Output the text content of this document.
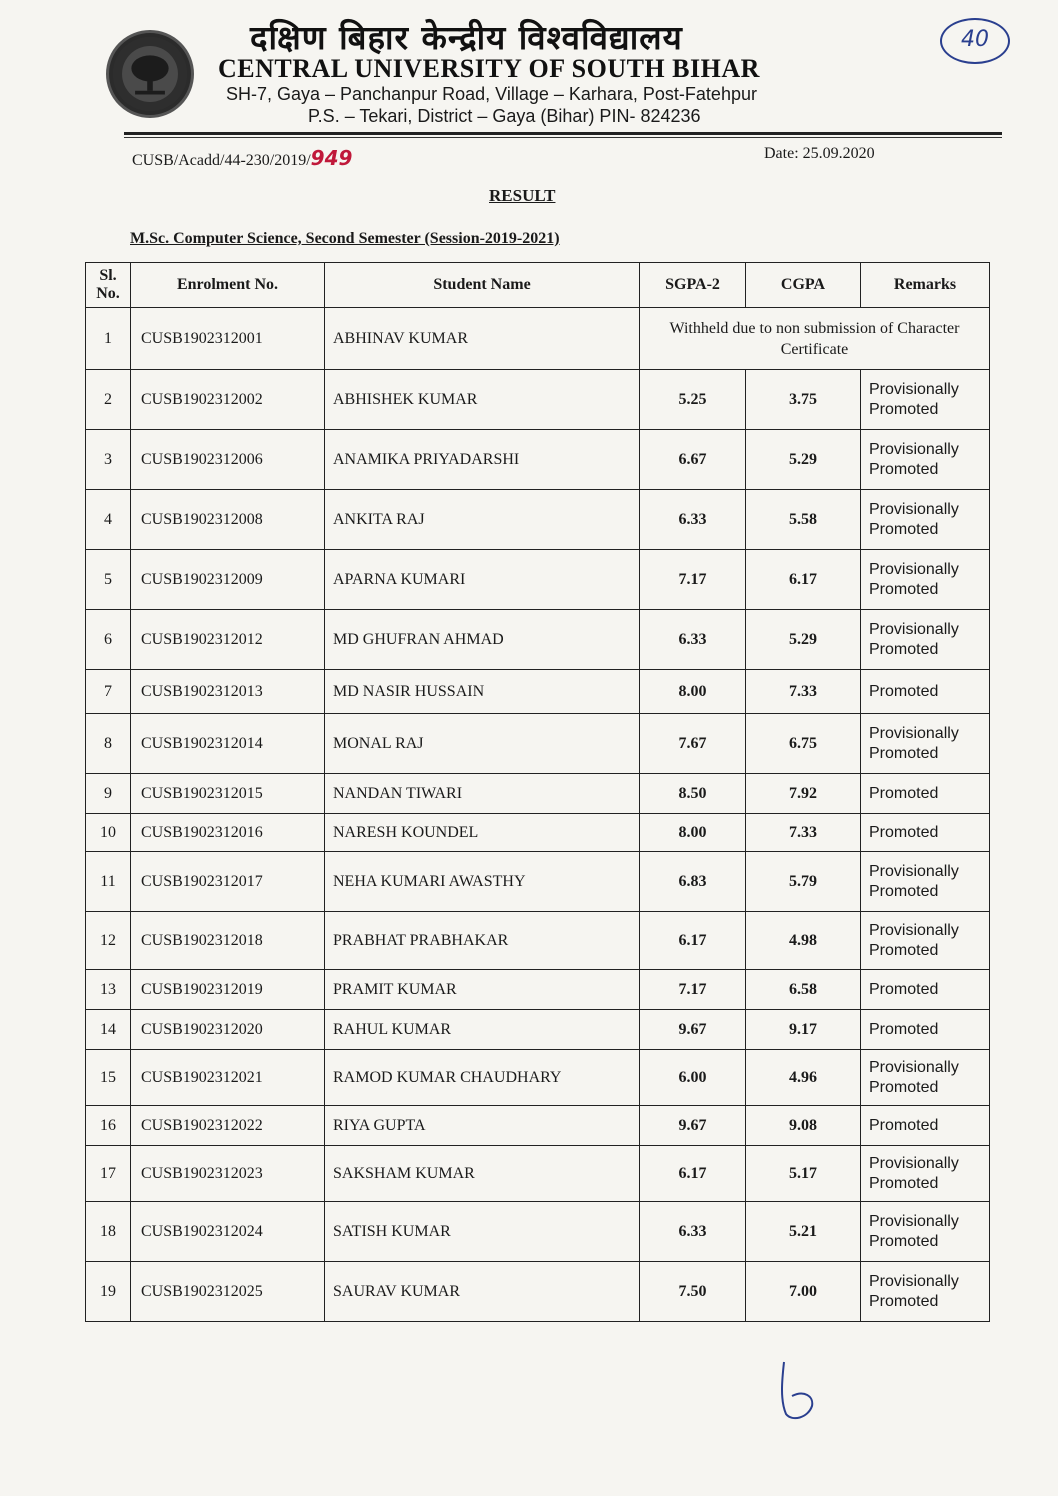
दक्षिण बिहार केन्द्रीय विश्वविद्यालय
CENTRAL UNIVERSITY OF SOUTH BIHAR
SH-7, Gaya – Panchanpur Road, Village – Karhara, Post-Fatehpur
P.S. – Tekari, District – Gaya (Bihar) PIN- 824236
40
CUSB/Acadd/44-230/2019/949	Date: 25.09.2020
RESULT
M.Sc. Computer Science, Second Semester (Session-2019-2021)
Sl. No.	Enrolment No.	Student Name	SGPA-2	CGPA	Remarks
1	CUSB1902312001	ABHINAV KUMAR	Withheld due to non submission of Character Certificate		
2	CUSB1902312002	ABHISHEK KUMAR	5.25	3.75	Provisionally Promoted
3	CUSB1902312006	ANAMIKA PRIYADARSHI	6.67	5.29	Provisionally Promoted
4	CUSB1902312008	ANKITA RAJ	6.33	5.58	Provisionally Promoted
5	CUSB1902312009	APARNA KUMARI	7.17	6.17	Provisionally Promoted
6	CUSB1902312012	MD GHUFRAN AHMAD	6.33	5.29	Provisionally Promoted
7	CUSB1902312013	MD NASIR HUSSAIN	8.00	7.33	Promoted
8	CUSB1902312014	MONAL RAJ	7.67	6.75	Provisionally Promoted
9	CUSB1902312015	NANDAN TIWARI	8.50	7.92	Promoted
10	CUSB1902312016	NARESH KOUNDEL	8.00	7.33	Promoted
11	CUSB1902312017	NEHA KUMARI AWASTHY	6.83	5.79	Provisionally Promoted
12	CUSB1902312018	PRABHAT PRABHAKAR	6.17	4.98	Provisionally Promoted
13	CUSB1902312019	PRAMIT KUMAR	7.17	6.58	Promoted
14	CUSB1902312020	RAHUL KUMAR	9.67	9.17	Promoted
15	CUSB1902312021	RAMOD KUMAR CHAUDHARY	6.00	4.96	Provisionally Promoted
16	CUSB1902312022	RIYA GUPTA	9.67	9.08	Promoted
17	CUSB1902312023	SAKSHAM KUMAR	6.17	5.17	Provisionally Promoted
18	CUSB1902312024	SATISH KUMAR	6.33	5.21	Provisionally Promoted
19	CUSB1902312025	SAURAV KUMAR	7.50	7.00	Provisionally Promoted
